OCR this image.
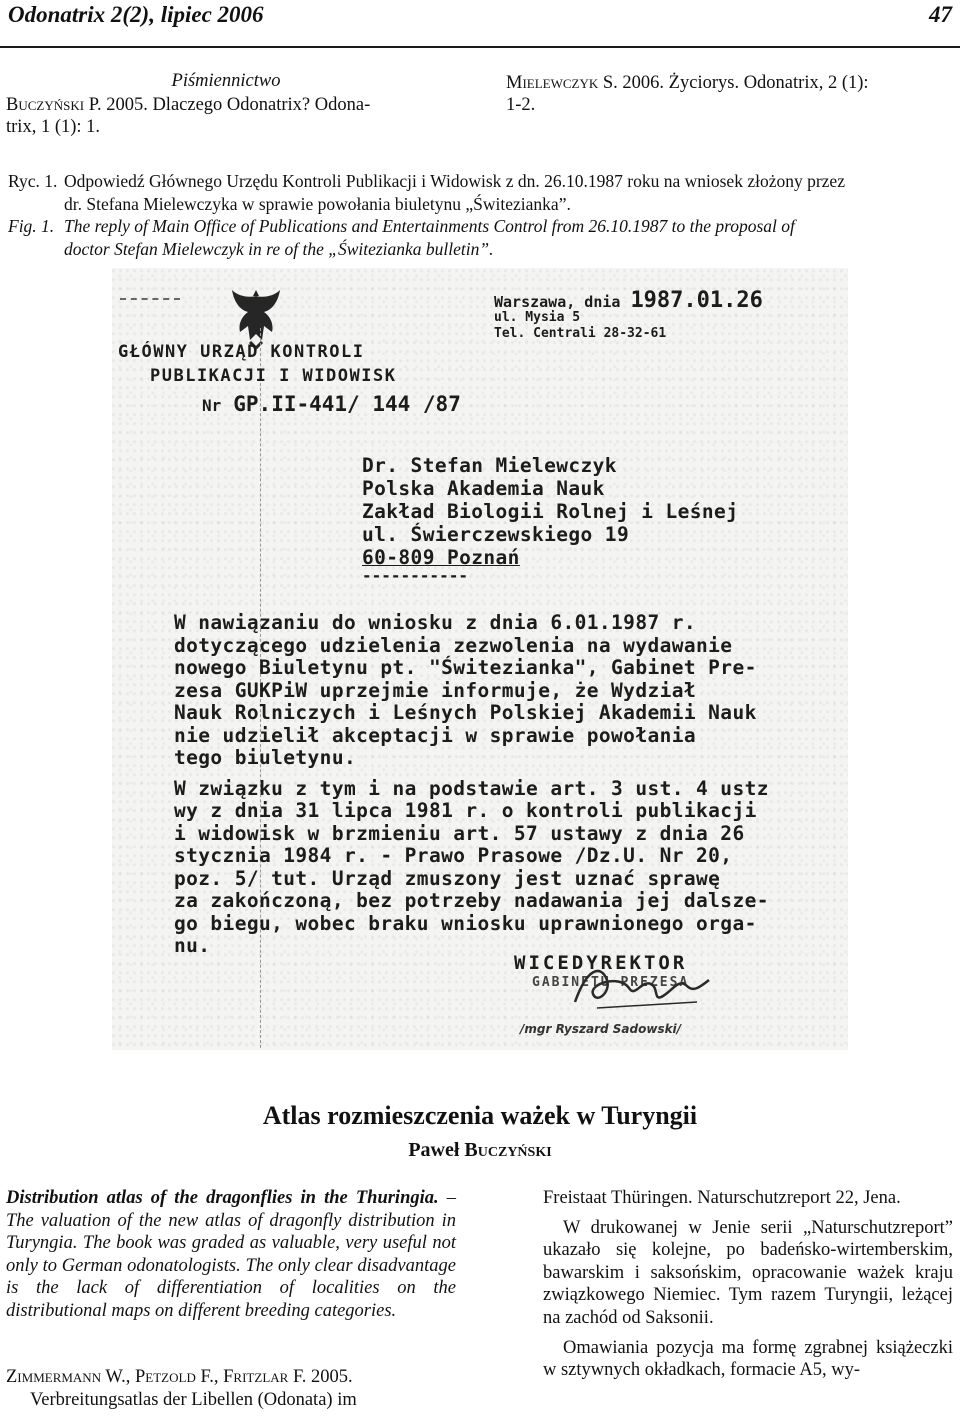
Odonatrix 2(2), lipiec 2006	47
Piśmiennictwo
Buczyński P. 2005. Dlaczego Odonatrix? Odona-
trix, 1 (1): 1.
Mielewczyk S. 2006. Życiorys. Odonatrix, 2 (1):
1-2.
Ryc. 1. Odpowiedź Głównego Urzędu Kontroli Publikacji i Widowisk z dn. 26.10.1987 roku na wniosek złożony przez
dr. Stefana Mielewczyka w sprawie powołania biuletynu „Świtezianka”.
Fig. 1. The reply of Main Office of Publications and Entertainments Control from 26.10.1987 to the proposal of
doctor Stefan Mielewczyk in re of the „Świtezianka bulletin”.
GŁÓWNY URZĄD KONTROLI
PUBLIKACJI I WIDOWISK
Nr GP.II-441/ 144 /87
Warszawa, dnia 1987.01.26
ul. Mysia 5
Tel. Centrali 28-32-61
Dr. Stefan Mielewczyk
Polska Akademia Nauk
Zakład Biologii Rolnej i Leśnej
ul. Świerczewskiego 19
60-809 Poznań
-----------
W nawiązaniu do wniosku z dnia 6.01.1987 r.
dotyczącego udzielenia zezwolenia na wydawanie
nowego Biuletynu pt. "Świtezianka", Gabinet Pre-
zesa GUKPiW uprzejmie informuje, że Wydział
Nauk Rolniczych i Leśnych Polskiej Akademii Nauk
nie udzielił akceptacji w sprawie powołania
tego biuletynu.
W związku z tym i na podstawie art. 3 ust. 4 ustz
wy z dnia 31 lipca 1981 r. o kontroli publikacji
i widowisk w brzmieniu art. 57 ustawy z dnia 26
stycznia 1984 r. - Prawo Prasowe /Dz.U. Nr 20,
poz. 5/ tut. Urząd zmuszony jest uznać sprawę
za zakończoną, bez potrzeby nadawania jej dalsze-
go biegu, wobec braku wniosku uprawnionego orga-
nu.
WICEDYREKTOR
GABINETU PREZESA
/mgr Ryszard Sadowski/
Atlas rozmieszczenia ważek w Turyngii
Paweł Buczyński
Distribution atlas of the dragonflies in the Thuringia. – The valuation of the new atlas of dragonfly distribution in Turyngia. The book was graded as valuable, very useful not only to German odonatologists. The only clear disadvantage is the lack of differentiation of localities on the distributional maps on different breeding categories.
Zimmermann W., Petzold F., Fritzlar F. 2005.

Verbreitungsatlas der Libellen (Odonata) im

Freistaat Thüringen. Naturschutzreport 22, Jena.

W drukowanej w Jenie serii „Naturschutzreport” ukazało się kolejne, po badeńsko-wirtemberskim, bawarskim i saksońskim, opracowanie ważek kraju związkowego Niemiec. Tym razem Turyngii, leżącej na zachód od Saksonii.

Omawiania pozycja ma formę zgrabnej książeczki w sztywnych okładkach, formacie A5, wy-
